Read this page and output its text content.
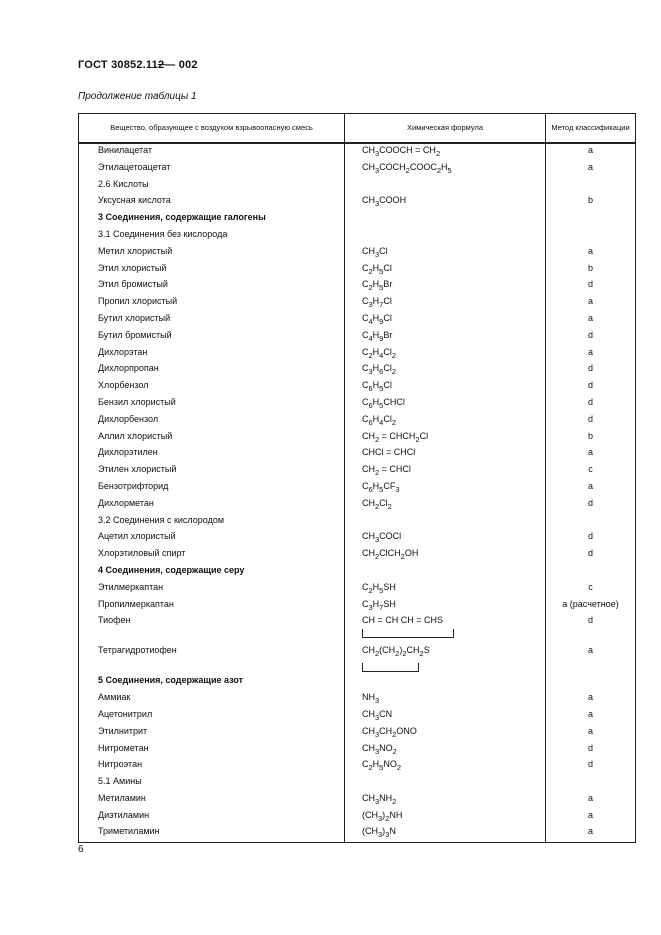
ГОСТ 30852.112— 002
Продолжение таблицы 1
Вещество, образующее с воздухом взрывоопасную смесь	Химическая формула	Метод классификации
Винилацетат	$CH_3COOCH = CH_2$	a
Этилацетоацетат	$CH_3COCH_2COOC_2H_5$	a
2.6 Кислоты		
Уксусная кислота	$CH_3COOH$	b
3 Соединения, содержащие галогены		
3.1 Соединения без кислорода		
Метил хлористый	$CH_3Cl$	a
Этил хлористый	$C_2H_5Cl$	b
Этил бромистый	$C_2H_5Br$	d
Пропил хлористый	$C_3H_7Cl$	a
Бутил хлористый	$C_4H_9Cl$	a
Бутил бромистый	$C_4H_9Br$	d
Дихлорэтан	$C_2H_4Cl_2$	a
Дихлорпропан	$C_3H_6Cl_2$	d
Хлорбензол	$C_6H_5Cl$	d
Бензил хлористый	$C_6H_5CHCl$	d
Дихлорбензол	$C_6H_4Cl_2$	d
Аллил хлористый	$CH_2$ = $CHCH_2Cl$	b
Дихлорэтилен	CHCl = CHCl	a
Этилен хлористый	$CH_2$ = CHCl	c
Бензотрифторид	$C_6H_5CF_3$	a
Дихлорметан	$CH_2Cl_2$	d
3.2 Соединения с кислородом		
Ацетил хлористый	$CH_3COCl$	d
Хлорэтиловый спирт	$CH_2ClCH_2OH$	d
4 Соединения, содержащие серу		
Этилмеркаптан	$C_2H_5SH$	c
Пропилмеркаптан	$C_3H_7SH$	a (расчетное)
Тиофен	CH = CH CH = CHS	d
Тетрагидротиофен	$CH_2(CH_2)_2CH_2S$	a
5 Соединения, содержащие азот		
Аммиак	$NH_3$	a
Ацетонитрил	$CH_3CN$	a
Этилнитрит	$CH_3CH_2ONO$	a
Нитрометан	$CH_3NO_2$	d
Нитроэтан	$C_2H_5NO_2$	d
5.1 Амины		
Метиламин	$CH_3NH_2$	a
Диэтиламин	$(CH_3)_2NH$	a
Триметиламин	$(CH_3)_3N$	a
6
